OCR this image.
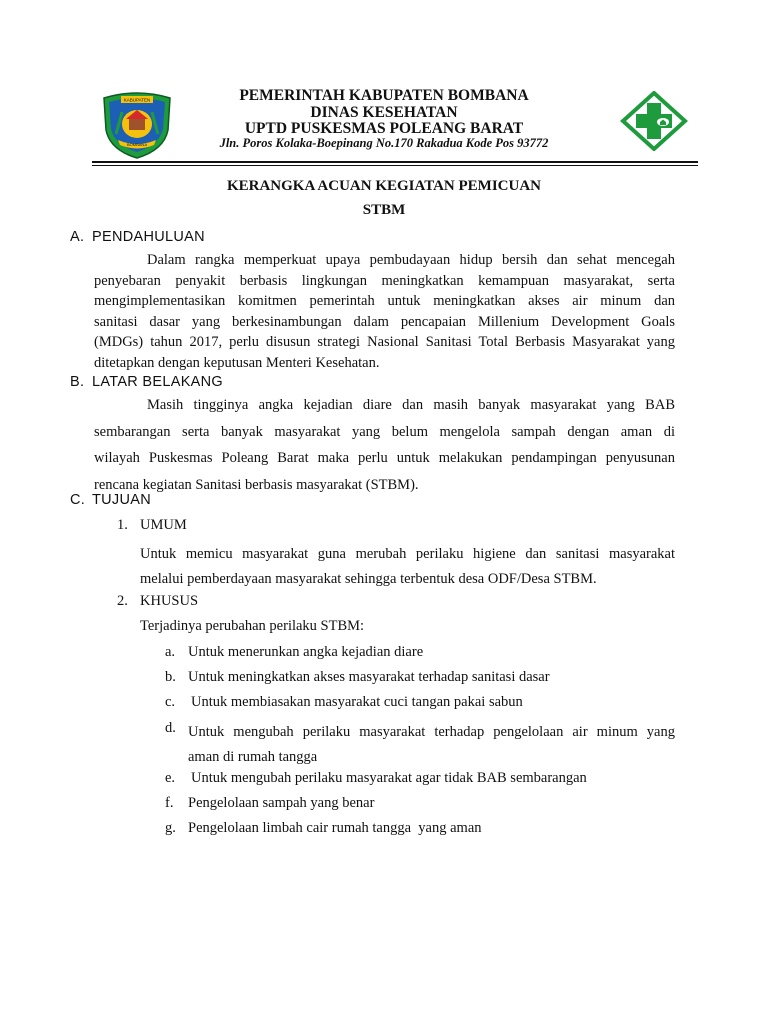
KABUPATEN
BOMBANA
PEMERINTAH KABUPATEN BOMBANA
DINAS KESEHATAN
UPTD PUSKESMAS POLEANG BARAT
Jln. Poros Kolaka-Boepinang No.170 Rakadua Kode Pos 93772
KERANGKA ACUAN KEGIATAN PEMICUAN
STBM
A. PENDAHULUAN
Dalam rangka memperkuat upaya pembudayaan hidup bersih dan sehat mencegah
penyebaran penyakit berbasis lingkungan meningkatkan kemampuan masyarakat, serta
mengimplementasikan komitmen pemerintah untuk meningkatkan akses air minum dan
sanitasi dasar yang berkesinambungan dalam pencapaian Millenium Development Goals
(MDGs) tahun 2017, perlu disusun strategi Nasional Sanitasi Total Berbasis Masyarakat yang
ditetapkan dengan keputusan Menteri Kesehatan.
B. LATAR BELAKANG
Masih tingginya angka kejadian diare dan masih banyak masyarakat yang BAB
sembarangan serta banyak masyarakat yang belum mengelola sampah dengan aman di
wilayah Puskesmas Poleang Barat maka perlu untuk melakukan pendampingan penyusunan
rencana kegiatan Sanitasi berbasis masyarakat (STBM).
C. TUJUAN
1. UMUM
Untuk memicu masyarakat guna merubah perilaku higiene dan sanitasi masyarakat
melalui pemberdayaan masyarakat sehingga terbentuk desa ODF/Desa STBM.
2. KHUSUS
Terjadinya perubahan perilaku STBM:
a. Untuk menerunkan angka kejadian diare
b. Untuk meningkatkan akses masyarakat terhadap sanitasi dasar
c. Untuk membiasakan masyarakat cuci tangan pakai sabun
d. Untuk mengubah perilaku masyarakat terhadap pengelolaan air minum yang
aman di rumah tangga
e. Untuk mengubah perilaku masyarakat agar tidak BAB sembarangan
f. Pengelolaan sampah yang benar
g. Pengelolaan limbah cair rumah tangga  yang aman
